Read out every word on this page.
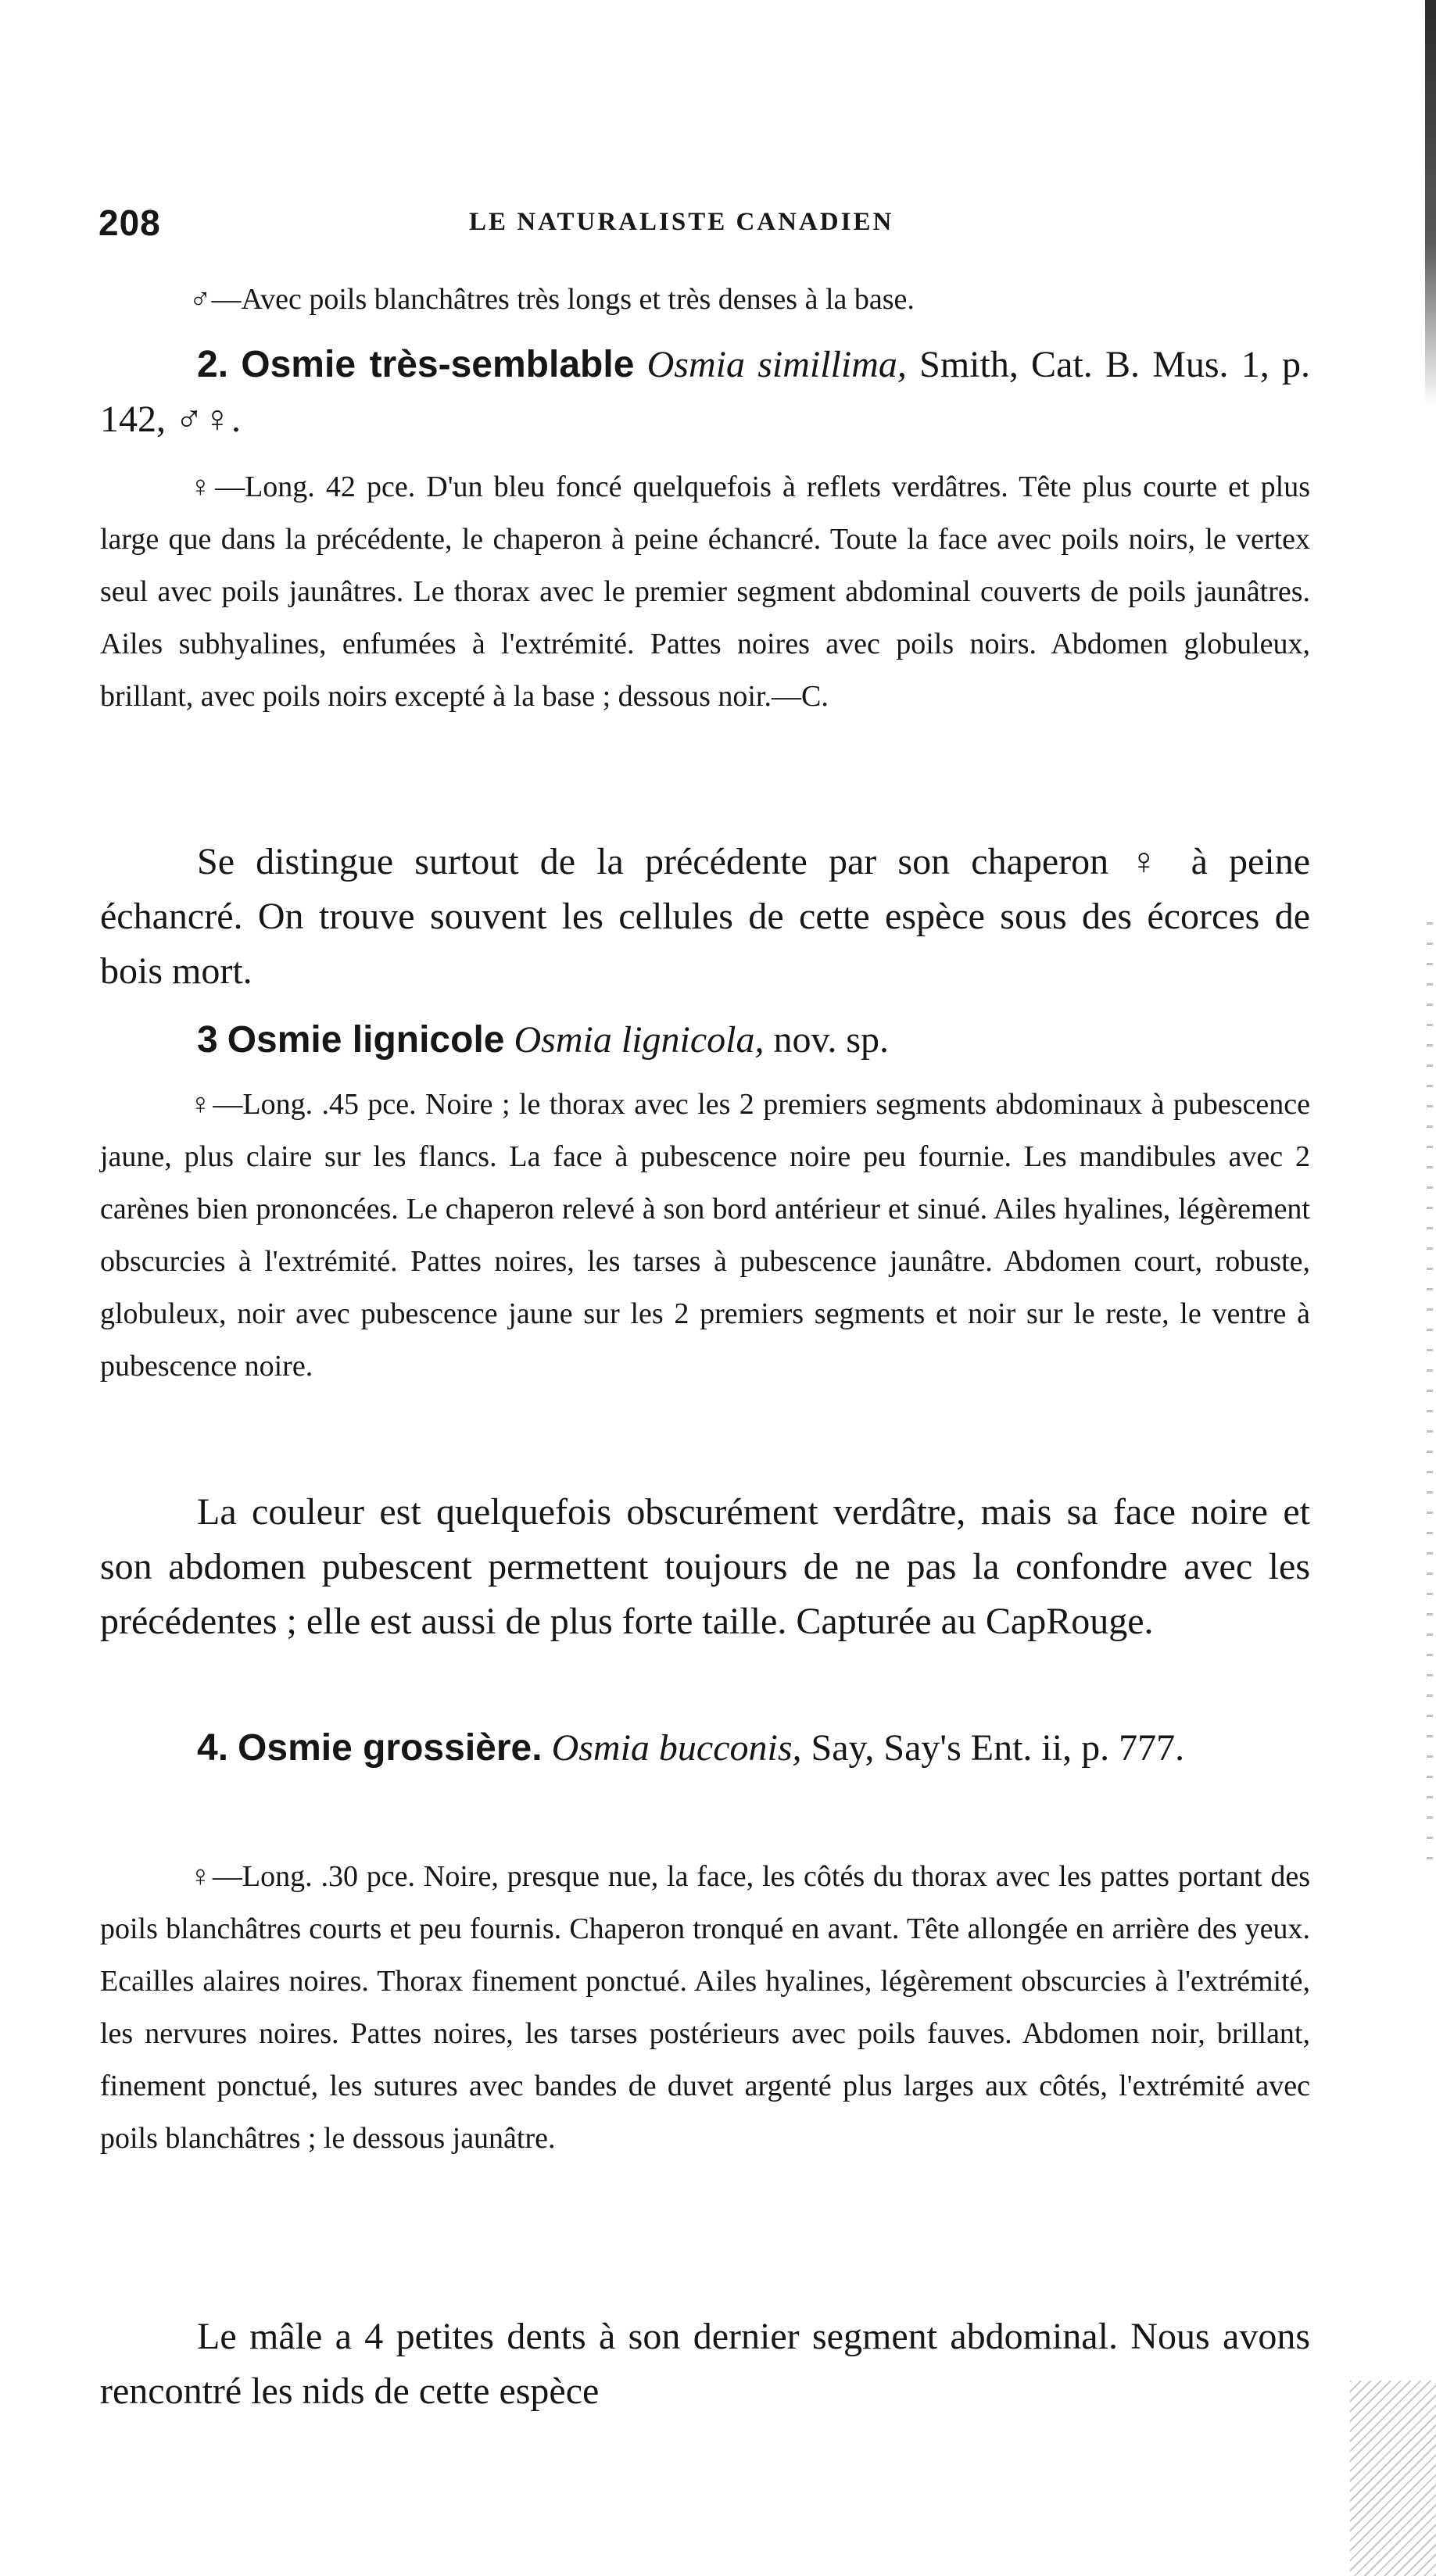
208	LE NATURALISTE CANADIEN

♂—Avec poils blanchâtres très longs et très denses à la base.

2. Osmie très-semblable Osmia simillima, Smith, Cat. B. Mus. 1, p. 142, ♂♀.

♀—Long. 42 pce. D'un bleu foncé quelquefois à reflets verdâtres. Tête plus courte et plus large que dans la précédente, le chaperon à peine échancré. Toute la face avec poils noirs, le vertex seul avec poils jaunâtres. Le thorax avec le premier segment abdominal couverts de poils jaunâtres. Ailes subhyalines, enfumées à l'extrémité. Pattes noires avec poils noirs. Abdomen globuleux, brillant, avec poils noirs excepté à la base ; dessous noir.—C.

Se distingue surtout de la précédente par son chaperon ♀ à peine échancré. On trouve souvent les cellules de cette espèce sous des écorces de bois mort.

3 Osmie lignicole Osmia lignicola, nov. sp.

♀—Long. .45 pce. Noire ; le thorax avec les 2 premiers segments abdominaux à pubescence jaune, plus claire sur les flancs. La face à pubescence noire peu fournie. Les mandibules avec 2 carènes bien prononcées. Le chaperon relevé à son bord antérieur et sinué. Ailes hyalines, légèrement obscurcies à l'extrémité. Pattes noires, les tarses à pubescence jaunâtre. Abdomen court, robuste, globuleux, noir avec pubescence jaune sur les 2 premiers segments et noir sur le reste, le ventre à pubescence noire.

La couleur est quelquefois obscurément verdâtre, mais sa face noire et son abdomen pubescent permettent toujours de ne pas la confondre avec les précédentes ; elle est aussi de plus forte taille. Capturée au CapRouge.

4. Osmie grossière. Osmia bucconis, Say, Say's Ent. ii, p. 777.

♀—Long. .30 pce. Noire, presque nue, la face, les côtés du thorax avec les pattes portant des poils blanchâtres courts et peu fournis. Chaperon tronqué en avant. Tête allongée en arrière des yeux. Ecailles alaires noires. Thorax finement ponctué. Ailes hyalines, légèrement obscurcies à l'extrémité, les nervures noires. Pattes noires, les tarses postérieurs avec poils fauves. Abdomen noir, brillant, finement ponctué, les sutures avec bandes de duvet argenté plus larges aux côtés, l'extrémité avec poils blanchâtres ; le dessous jaunâtre.

Le mâle a 4 petites dents à son dernier segment abdominal. Nous avons rencontré les nids de cette espèce
